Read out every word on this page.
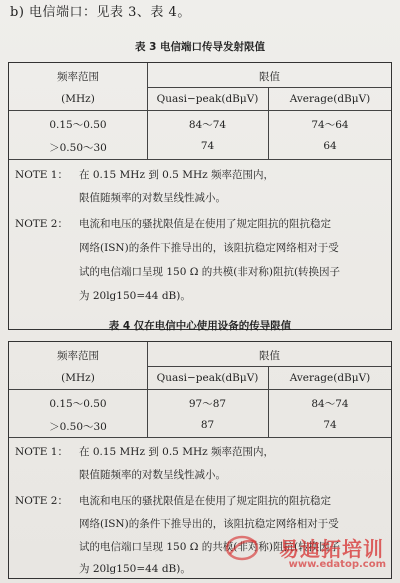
b) 电信端口：见表 3、表 4。
表 3 电信端口传导发射限值
频率范围
(MHz)
限值
Quasi−peak(dBμV)	Average(dBμV)
0.15～0.50	84～74	74～64
＞0.50～30	74	64
NOTE 1： 在 0.15 MHz 到 0.5 MHz 频率范围内，
限值随频率的对数呈线性减小。
NOTE 2： 电流和电压的骚扰限值是在使用了规定阻抗的阻抗稳定
网络(ISN)的条件下推导出的，该阻抗稳定网络相对于受
试的电信端口呈现 150 Ω 的共模(非对称)阻抗(转换因子
为 20lg150=44 dB)。
表 4 仅在电信中心使用设备的传导限值
频率范围
(MHz)
限值
Quasi−peak(dBμV)	Average(dBμV)
0.15～0.50	97～87	84～74
＞0.50～30	87	74
NOTE 1： 在 0.15 MHz 到 0.5 MHz 频率范围内，
限值随频率的对数呈线性减小。
NOTE 2： 电流和电压的骚扰限值是在使用了规定阻抗的阻抗稳定
网络(ISN)的条件下推导出的，该阻抗稳定网络相对于受
试的电信端口呈现 150 Ω 的共模(非对称)阻抗(转换因子
为 20lg150=44 dB)。
易迪拓培训
www.edatop.com
